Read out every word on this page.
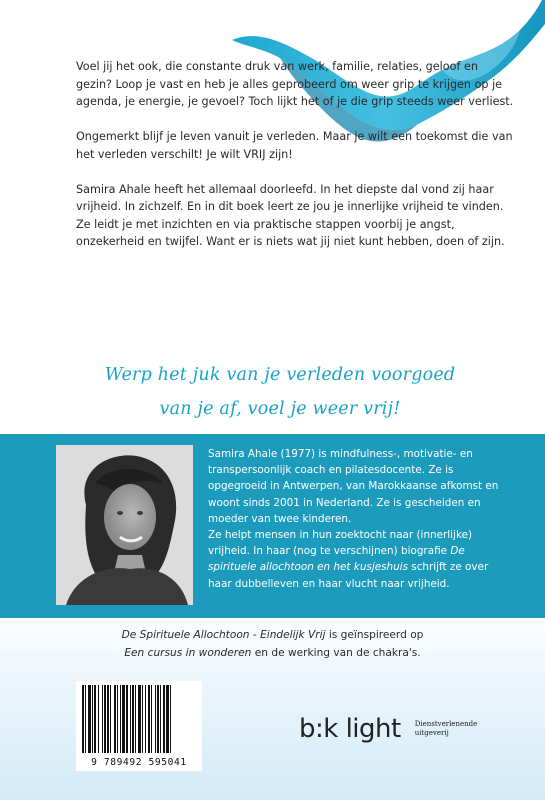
Voel jij het ook, die constante druk van werk, familie, relaties, geloof en gezin? Loop je vast en heb je alles geprobeerd om weer grip te krijgen op je agenda, je energie, je gevoel? Toch lijkt het of je die grip steeds weer verliest.

Ongemerkt blijf je leven vanuit je verleden. Maar je wilt een toekomst die van het verleden verschilt! Je wilt VRIJ zijn!

Samira Ahale heeft het allemaal doorleefd. In het diepste dal vond zij haar vrijheid. In zichzelf. En in dit boek leert ze jou je innerlijke vrijheid te vinden. Ze leidt je met inzichten en via praktische stappen voorbij je angst, onzekerheid en twijfel. Want er is niets wat jij niet kunt hebben, doen of zijn.

Werp het juk van je verleden voorgoed
van je af, voel je weer vrij!
Samira Ahale (1977) is mindfulness-, motivatie- en transpersoonlijk coach en pilatesdocente. Ze is opgegroeid in Antwerpen, van Marokkaanse afkomst en woont sinds 2001 in Nederland. Ze is gescheiden en moeder van twee kinderen.
Ze helpt mensen in hun zoektocht naar (innerlijke) vrijheid. In haar (nog te verschijnen) biografie De spirituele allochtoon en het kusjeshuis schrijft ze over haar dubbelleven en haar vlucht naar vrijheid.
De Spirituele Allochtoon - Eindelijk Vrij is geïnspireerd op
Een cursus in wonderen en de werking van de chakra's.
9 789492 595041
b:k light Dienstverlenende
uitgeverij
